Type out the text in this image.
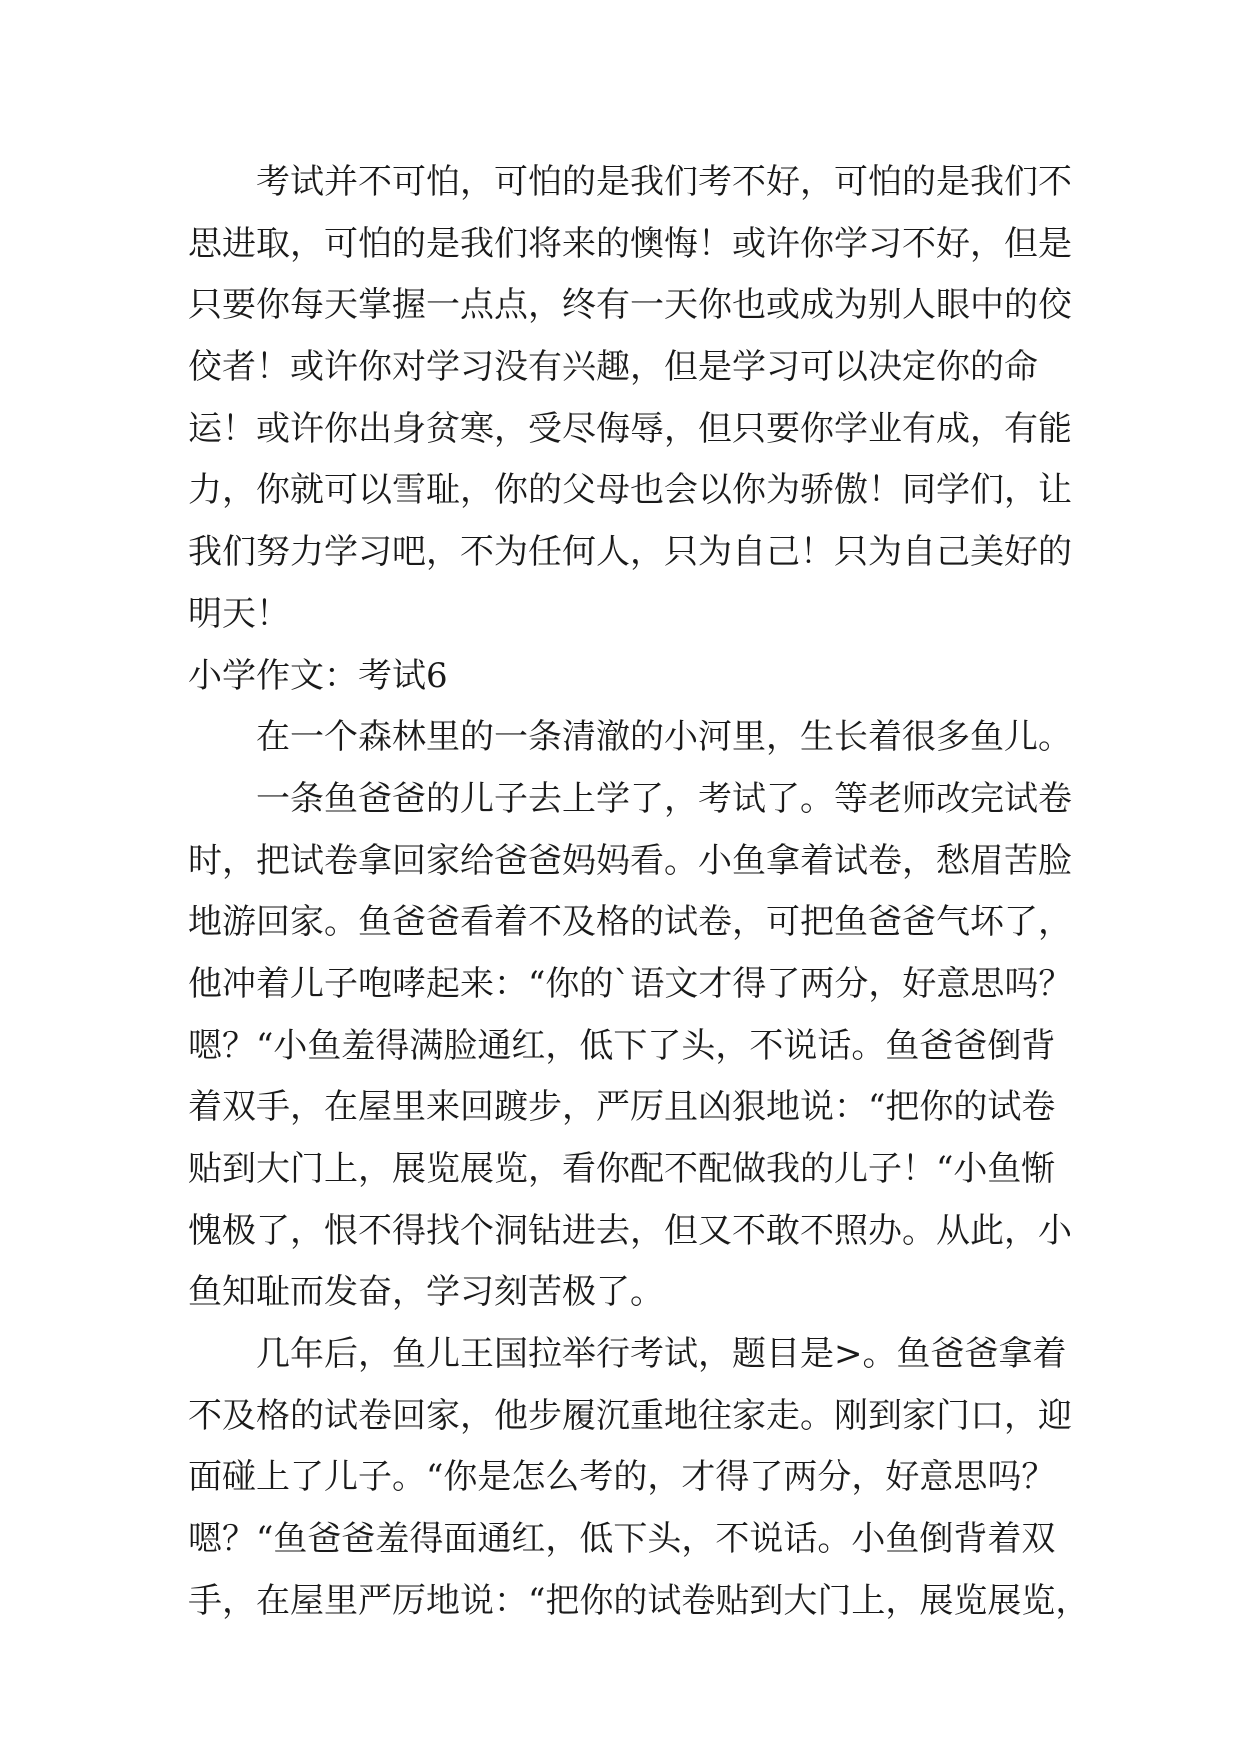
考试并不可怕，可怕的是我们考不好，可怕的是我们不
思进取，可怕的是我们将来的懊悔！或许你学习不好，但是
只要你每天掌握一点点，终有一天你也或成为别人眼中的佼
佼者！或许你对学习没有兴趣，但是学习可以决定你的命
运！或许你出身贫寒，受尽侮辱，但只要你学业有成，有能
力，你就可以雪耻，你的父母也会以你为骄傲！同学们，让
我们努力学习吧，不为任何人，只为自己！只为自己美好的
明天！
小学作文：考试6
在一个森林里的一条清澈的小河里，生长着很多鱼儿。
一条鱼爸爸的儿子去上学了，考试了。等老师改完试卷
时，把试卷拿回家给爸爸妈妈看。小鱼拿着试卷，愁眉苦脸
地游回家。鱼爸爸看着不及格的试卷，可把鱼爸爸气坏了，
他冲着儿子咆哮起来：“你的`语文才得了两分，好意思吗？
嗯？“小鱼羞得满脸通红，低下了头，不说话。鱼爸爸倒背
着双手，在屋里来回踱步，严厉且凶狠地说：“把你的试卷
贴到大门上，展览展览，看你配不配做我的儿子！“小鱼惭
愧极了，恨不得找个洞钻进去，但又不敢不照办。从此，小
鱼知耻而发奋，学习刻苦极了。
几年后，鱼儿王国拉举行考试，题目是>。鱼爸爸拿着
不及格的试卷回家，他步履沉重地往家走。刚到家门口，迎
面碰上了儿子。“你是怎么考的，才得了两分，好意思吗？
嗯？“鱼爸爸羞得面通红，低下头，不说话。小鱼倒背着双
手，在屋里严厉地说：“把你的试卷贴到大门上，展览展览，
